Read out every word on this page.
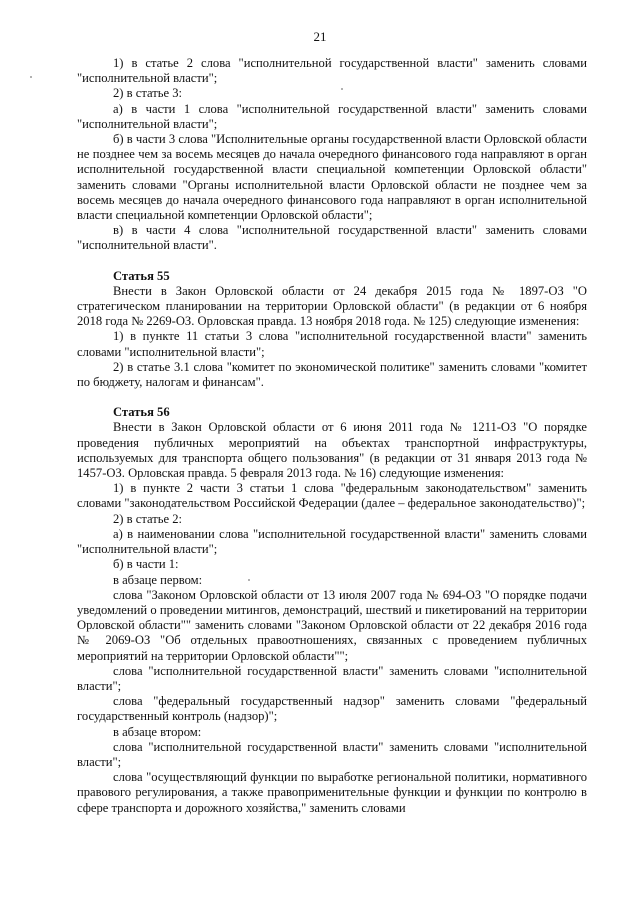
21

1) в статье 2 слова "исполнительной государственной власти" заменить словами "исполнительной власти";

2) в статье 3:

а) в части 1 слова "исполнительной государственной власти" заменить словами "исполнительной власти";

б) в части 3 слова "Исполнительные органы государственной власти Орловской области не позднее чем за восемь месяцев до начала очередного финансового года направляют в орган исполнительной государственной власти специальной компетенции Орловской области" заменить словами "Органы исполнительной власти Орловской области не позднее чем за восемь месяцев до начала очередного финансового года направляют в орган исполнительной власти специальной компетенции Орловской области";

в) в части 4 слова "исполнительной государственной власти" заменить словами "исполнительной власти".

Статья 55

Внести в Закон Орловской области от 24 декабря 2015 года № 1897-ОЗ "О стратегическом планировании на территории Орловской области" (в редакции от 6 ноября 2018 года № 2269-ОЗ. Орловская правда. 13 ноября 2018 года. № 125) следующие изменения:

1) в пункте 11 статьи 3 слова "исполнительной государственной власти" заменить словами "исполнительной власти";

2) в статье 3.1 слова "комитет по экономической политике" заменить словами "комитет по бюджету, налогам и финансам".

Статья 56

Внести в Закон Орловской области от 6 июня 2011 года № 1211-ОЗ "О порядке проведения публичных мероприятий на объектах транспортной инфраструктуры, используемых для транспорта общего пользования" (в редакции от 31 января 2013 года № 1457-ОЗ. Орловская правда. 5 февраля 2013 года. № 16) следующие изменения:

1) в пункте 2 части 3 статьи 1 слова "федеральным законодательством" заменить словами "законодательством Российской Федерации (далее – федеральное законодательство)";

2) в статье 2:

а) в наименовании слова "исполнительной государственной власти" заменить словами "исполнительной власти";

б) в части 1:

в абзаце первом:

слова "Законом Орловской области от 13 июля 2007 года № 694-ОЗ "О порядке подачи уведомлений о проведении митингов, демонстраций, шествий и пикетирований на территории Орловской области"" заменить словами "Законом Орловской области от 22 декабря 2016 года № 2069-ОЗ "Об отдельных правоотношениях, связанных с проведением публичных мероприятий на территории Орловской области"";

слова "исполнительной государственной власти" заменить словами "исполнительной власти";

слова "федеральный государственный надзор" заменить словами "федеральный государственный контроль (надзор)";

в абзаце втором:

слова "исполнительной государственной власти" заменить словами "исполнительной власти";

слова "осуществляющий функции по выработке региональной политики, нормативного правового регулирования, а также правоприменительные функции и функции по контролю в сфере транспорта и дорожного хозяйства," заменить словами
